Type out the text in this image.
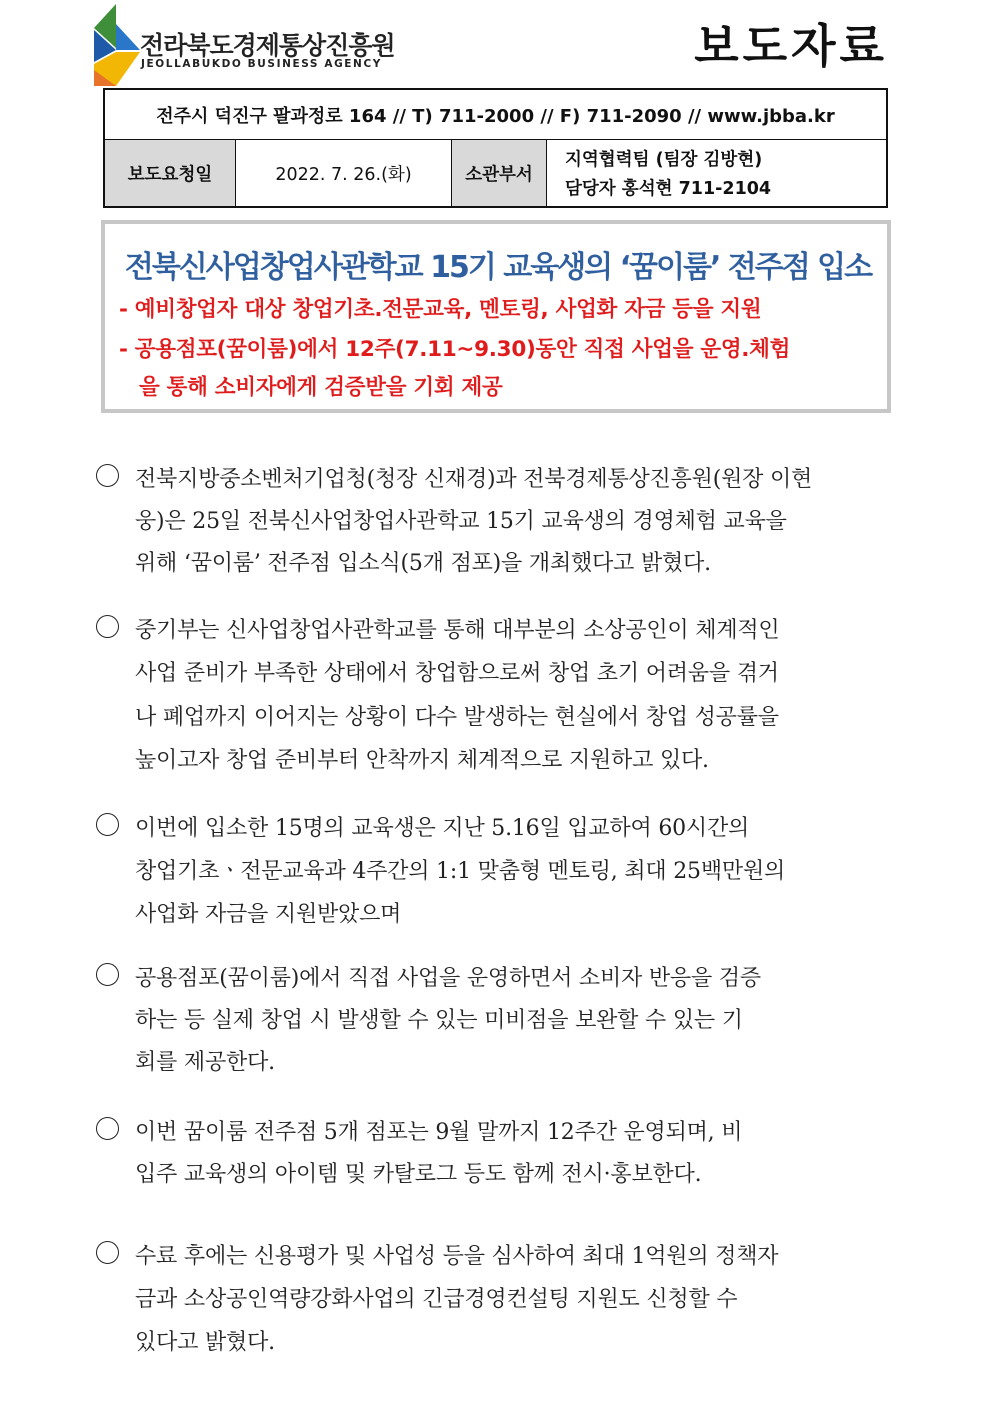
전라북도경제통상진흥원
JEOLLABUKDO BUSINESS AGENCY	보도자료
전주시 덕진구 팔과정로 164 // T) 711-2000 // F) 711-2090 // www.jbba.kr
보도요청일	2022. 7. 26.(화)	소관부서
지역협력팀 (팀장 김방현)
담당자 홍석현 711-2104
전북신사업창업사관학교 15기 교육생의 ‘꿈이룸’ 전주점 입소
- 예비창업자 대상 창업기초.전문교육, 멘토링, 사업화 자금 등을 지원
- 공용점포(꿈이룸)에서 12주(7.11~9.30)동안 직접 사업을 운영.체험
을 통해 소비자에게 검증받을 기회 제공
전북지방중소벤처기업청(청장 신재경)과 전북경제통상진흥원(원장 이현
웅)은 25일 전북신사업창업사관학교 15기 교육생의 경영체험 교육을
위해 ‘꿈이룸’ 전주점 입소식(5개 점포)을 개최했다고 밝혔다.
중기부는 신사업창업사관학교를 통해 대부분의 소상공인이 체계적인
사업 준비가 부족한 상태에서 창업함으로써 창업 초기 어려움을 겪거
나 폐업까지 이어지는 상황이 다수 발생하는 현실에서 창업 성공률을
높이고자 창업 준비부터 안착까지 체계적으로 지원하고 있다.
이번에 입소한 15명의 교육생은 지난 5.16일 입교하여 60시간의
창업기초ㆍ전문교육과 4주간의 1:1 맞춤형 멘토링, 최대 25백만원의
사업화 자금을 지원받았으며
공용점포(꿈이룸)에서 직접 사업을 운영하면서 소비자 반응을 검증
하는 등 실제 창업 시 발생할 수 있는 미비점을 보완할 수 있는 기
회를 제공한다.
이번 꿈이룸 전주점 5개 점포는 9월 말까지 12주간 운영되며, 비
입주 교육생의 아이템 및 카탈로그 등도 함께 전시·홍보한다.
수료 후에는 신용평가 및 사업성 등을 심사하여 최대 1억원의 정책자
금과 소상공인역량강화사업의 긴급경영컨설팅 지원도 신청할 수
있다고 밝혔다.
